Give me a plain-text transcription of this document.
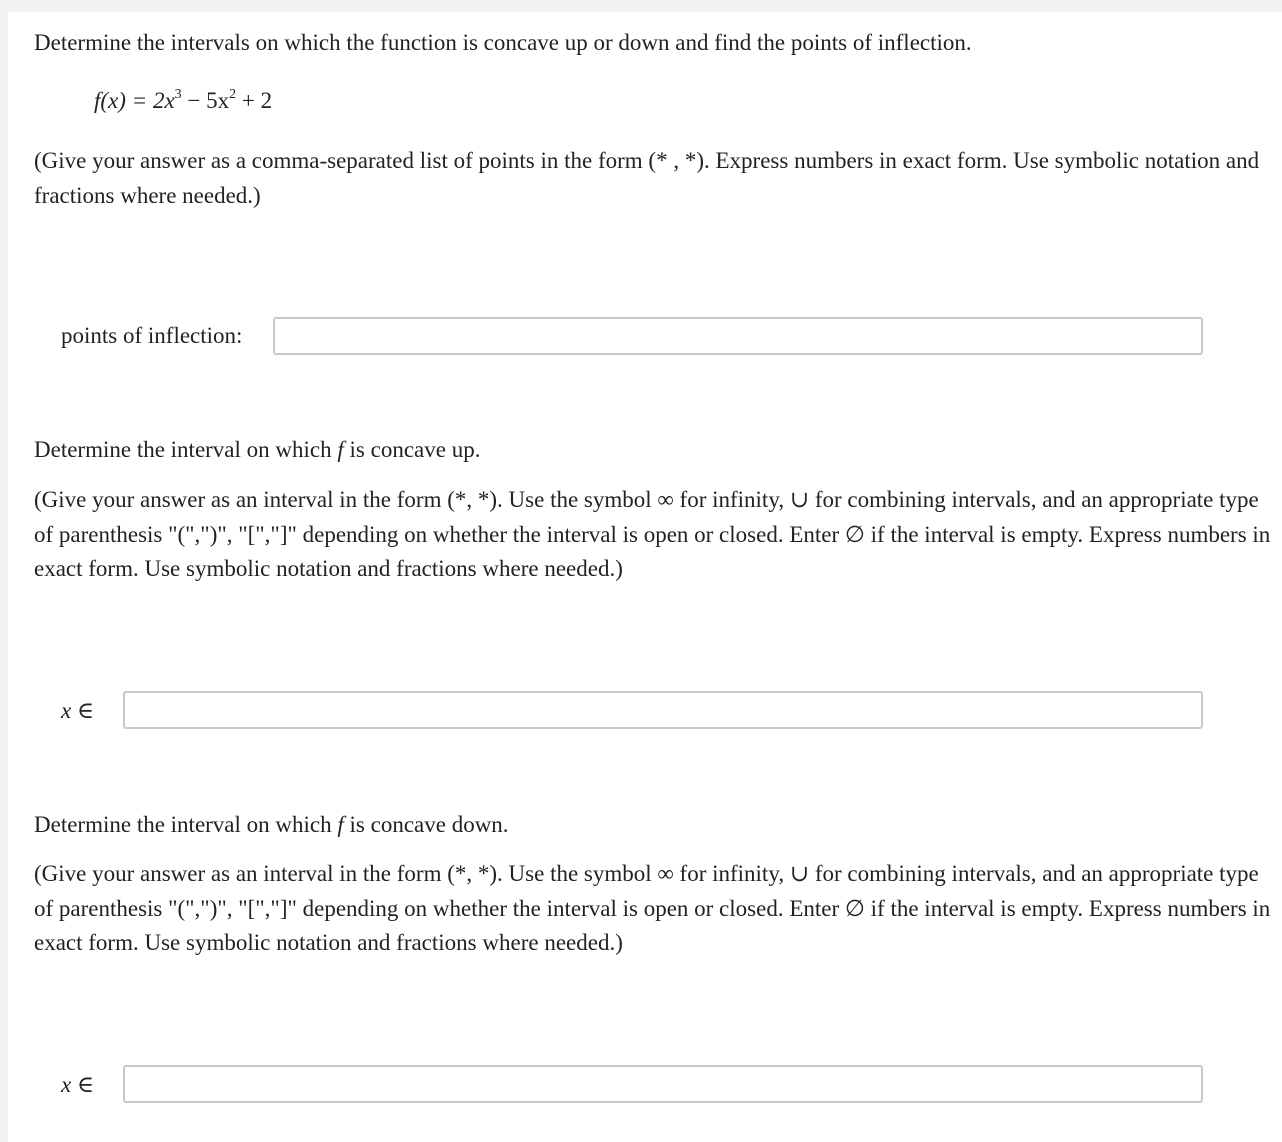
Determine the intervals on which the function is concave up or down and find the points of inflection.
$f(x) = 2x^3 - 5x^2 + 2$
(Give your answer as a comma-separated list of points in the form (* , *). Express numbers in exact form. Use symbolic notation and fractions where needed.)
points of inflection:
Determine the interval on which f is concave up.
(Give your answer as an interval in the form (*, *). Use the symbol ∞ for infinity, ∪ for combining intervals, and an appropriate type of parenthesis "(",")", "[","]" depending on whether the interval is open or closed. Enter ∅ if the interval is empty. Express numbers in exact form. Use symbolic notation and fractions where needed.)
x ∈
Determine the interval on which f is concave down.
(Give your answer as an interval in the form (*, *). Use the symbol ∞ for infinity, ∪ for combining intervals, and an appropriate type of parenthesis "(",")", "[","]" depending on whether the interval is open or closed. Enter ∅ if the interval is empty. Express numbers in exact form. Use symbolic notation and fractions where needed.)
x ∈
